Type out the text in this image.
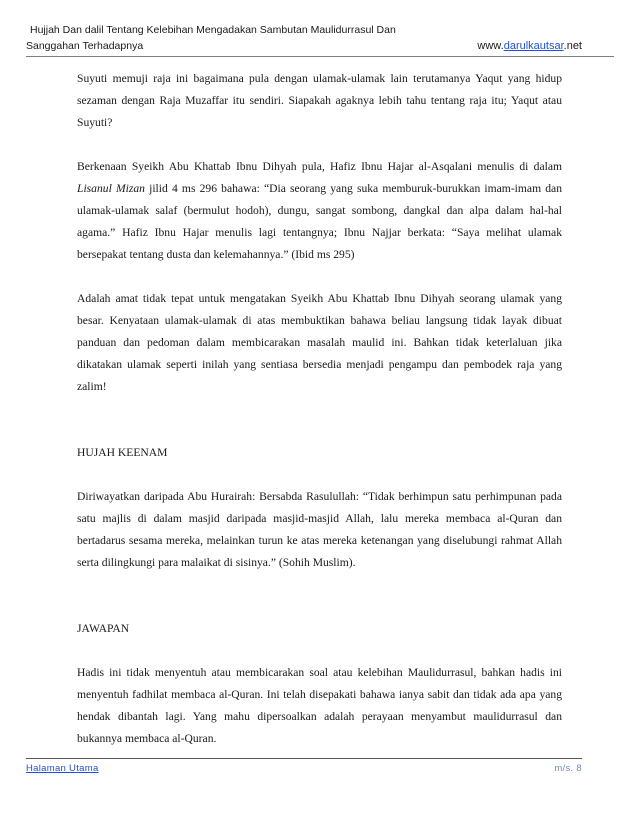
Hujjah Dan dalil Tentang Kelebihan Mengadakan Sambutan Maulidurrasul Dan
Sanggahan Terhadapnya	www.darulkautsar.net

Suyuti memuji raja ini bagaimana pula dengan ulamak-ulamak lain terutamanya Yaqut yang hidup sezaman dengan Raja Muzaffar itu sendiri. Siapakah agaknya lebih tahu tentang raja itu; Yaqut atau Suyuti?

Berkenaan Syeikh Abu Khattab Ibnu Dihyah pula, Hafiz Ibnu Hajar al-Asqalani menulis di dalam Lisanul Mizan jilid 4 ms 296 bahawa: “Dia seorang yang suka memburuk-burukkan imam-imam dan ulamak-ulamak salaf (bermulut hodoh), dungu, sangat sombong, dangkal dan alpa dalam hal-hal agama.” Hafiz Ibnu Hajar menulis lagi tentangnya; Ibnu Najjar berkata: “Saya melihat ulamak bersepakat tentang dusta dan kelemahannya.” (Ibid ms 295)

Adalah amat tidak tepat untuk mengatakan Syeikh Abu Khattab Ibnu Dihyah seorang ulamak yang besar. Kenyataan ulamak-ulamak di atas membuktikan bahawa beliau langsung tidak layak dibuat panduan dan pedoman dalam membicarakan masalah maulid ini. Bahkan tidak keterlaluan jika dikatakan ulamak seperti inilah yang sentiasa bersedia menjadi pengampu dan pembodek raja yang zalim!

HUJAH KEENAM

Diriwayatkan daripada Abu Hurairah: Bersabda Rasulullah: “Tidak berhimpun satu perhimpunan pada satu majlis di dalam masjid daripada masjid-masjid Allah, lalu mereka membaca al-Quran dan bertadarus sesama mereka, melainkan turun ke atas mereka ketenangan yang diselubungi rahmat Allah serta dilingkungi para malaikat di sisinya.” (Sohih Muslim).

JAWAPAN

Hadis ini tidak menyentuh atau membicarakan soal atau kelebihan Maulidurrasul, bahkan hadis ini menyentuh fadhilat membaca al-Quran. Ini telah disepakati bahawa ianya sabit dan tidak ada apa yang hendak dibantah lagi. Yang mahu dipersoalkan adalah perayaan menyambut maulidurrasul dan bukannya membaca al-Quran.

Halaman Utama	m/s. 8
